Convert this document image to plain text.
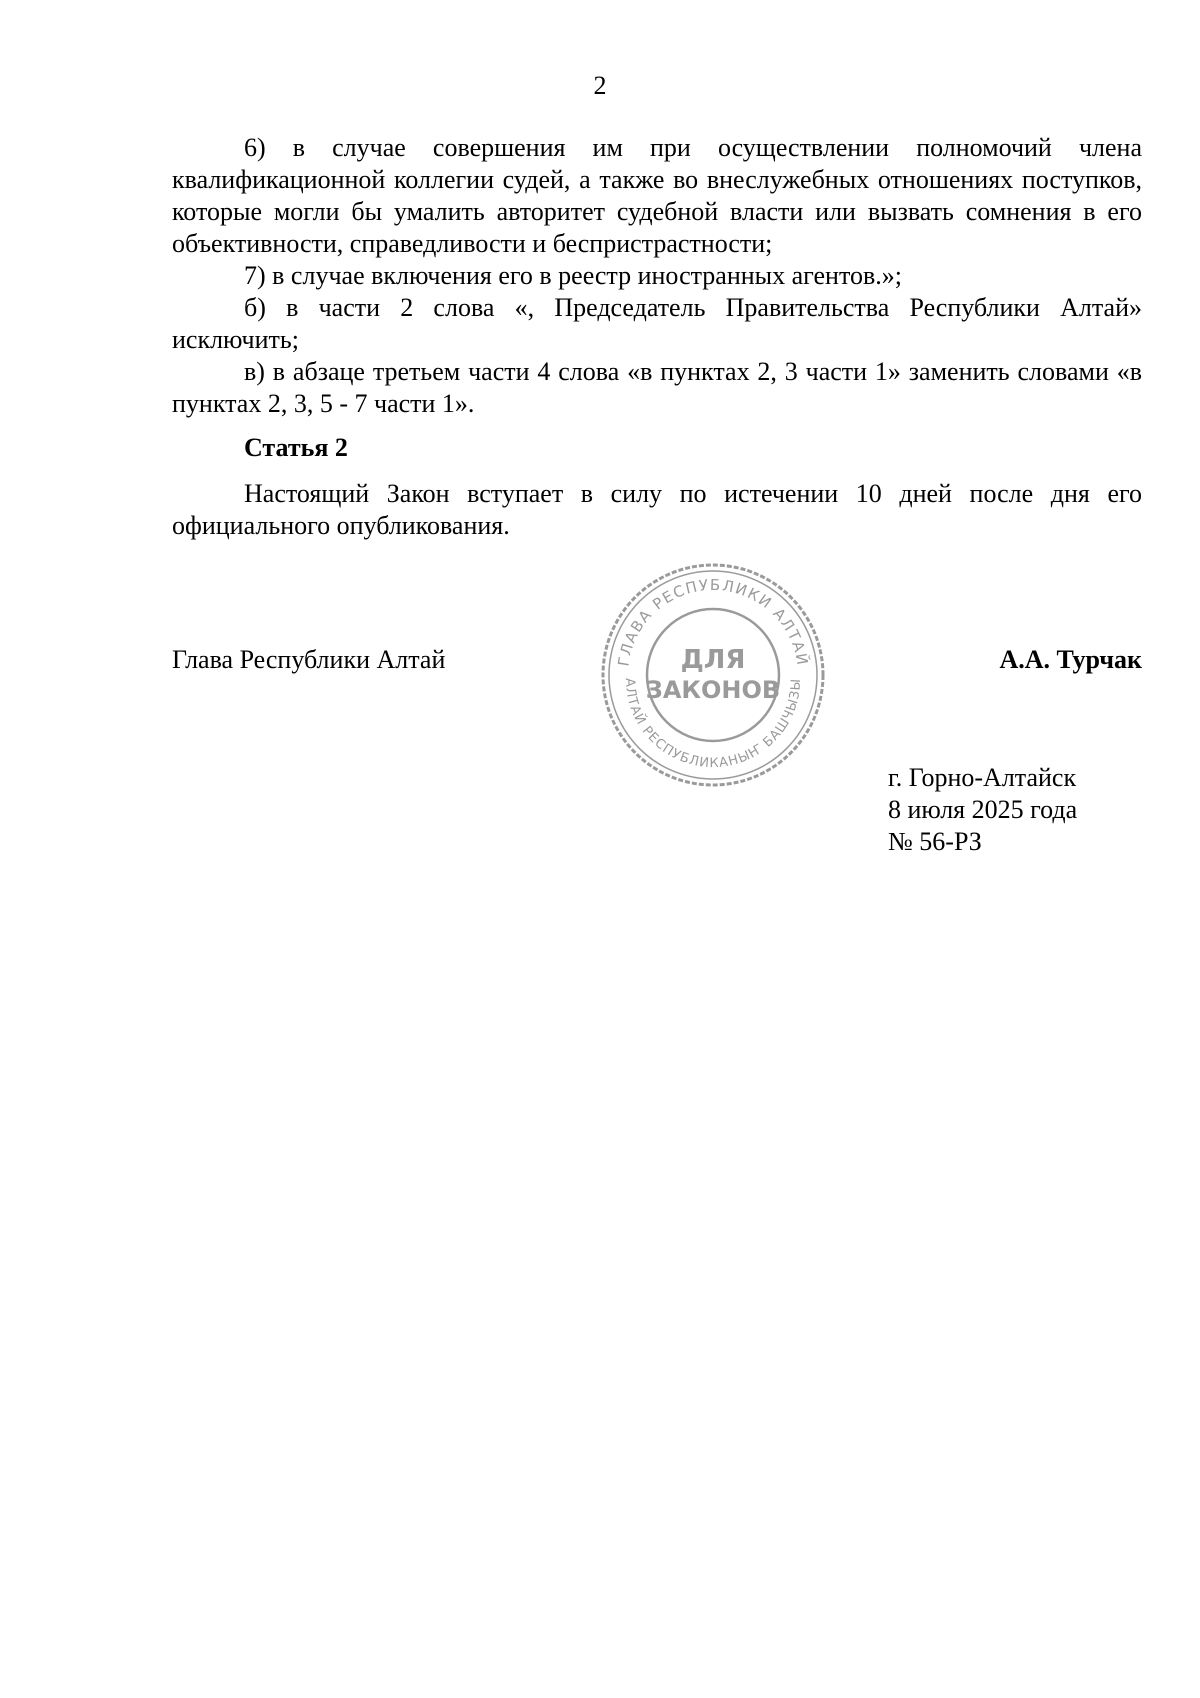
2

6) в случае совершения им при осуществлении полномочий члена квалификационной коллегии судей, а также во внеслужебных отношениях поступков, которые могли бы умалить авторитет судебной власти или вызвать сомнения в его объективности, справедливости и беспристрастности;

7) в случае включения его в реестр иностранных агентов.»;

б) в части 2 слова «, Председатель Правительства Республики Алтай» исключить;

в) в абзаце третьем части 4 слова «в пунктах 2, 3 части 1» заменить словами «в пунктах 2, 3, 5 - 7 части 1».

Статья 2

Настоящий Закон вступает в силу по истечении 10 дней после дня его официального опубликования.

Глава Республики Алтай	ГЛАВА РЕСПУБЛИКИ АЛТАЙ
АЛТАЙ РЕСПУБЛИКАНЫҤ БАШЧЫЗЫ
ДЛЯ
ЗАКОНОВ
А.А. Турчак
г. Горно-Алтайск
8 июля 2025 года
№ 56-РЗ
